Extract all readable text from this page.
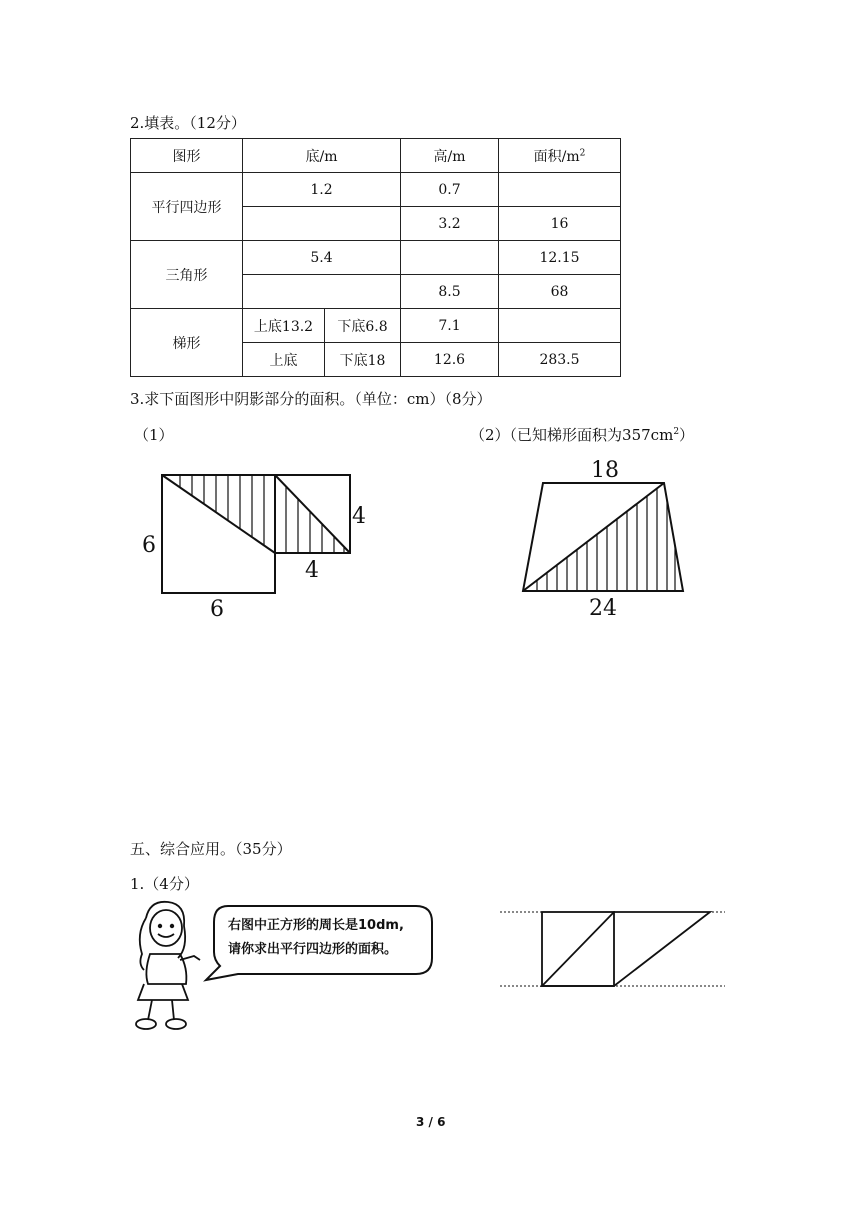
2.填表。（12分）
图形	底/m		高/m	面积$/m^2$
平行四边形	1.2		0.7	
			3.2	16
三角形	5.4			12.15
			8.5	68
梯形	上底13.2	下底6.8	7.1	
	上底	下底18	12.6	283.5
3.求下面图形中阴影部分的面积。（单位：cm）（8分）
（1）	（2）（已知梯形面积为$357cm^2$）
6
6
4
4
18
24
五、综合应用。（35分）
1.（4分）
右图中正方形的周长是10dm,
请你求出平行四边形的面积。
3 / 6
